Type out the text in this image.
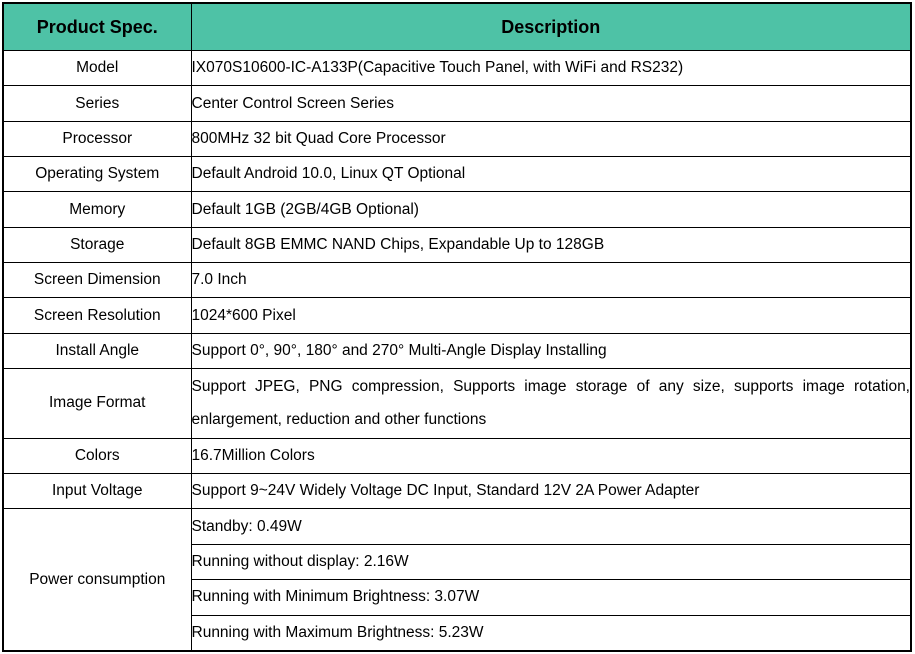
Product Spec.	Description
Model	IX070S10600-IC-A133P(Capacitive Touch Panel, with WiFi and RS232)
Series	Center Control Screen Series
Processor	800MHz 32 bit Quad Core Processor
Operating System	Default Android 10.0, Linux QT Optional
Memory	Default 1GB (2GB/4GB Optional)
Storage	Default 8GB EMMC NAND Chips, Expandable Up to 128GB
Screen Dimension	7.0 Inch
Screen Resolution	1024*600 Pixel
Install Angle	Support 0°, 90°, 180° and 270° Multi-Angle Display Installing
Image Format	Support JPEG, PNG compression, Supports image storage of any size, supports image rotation, enlargement, reduction and other functions
Colors	16.7Million Colors
Input Voltage	Support 9~24V Widely Voltage DC Input, Standard 12V 2A Power Adapter
Power consumption	Standby: 0.49W
	Running without display: 2.16W
	Running with Minimum Brightness: 3.07W
	Running with Maximum Brightness: 5.23W
